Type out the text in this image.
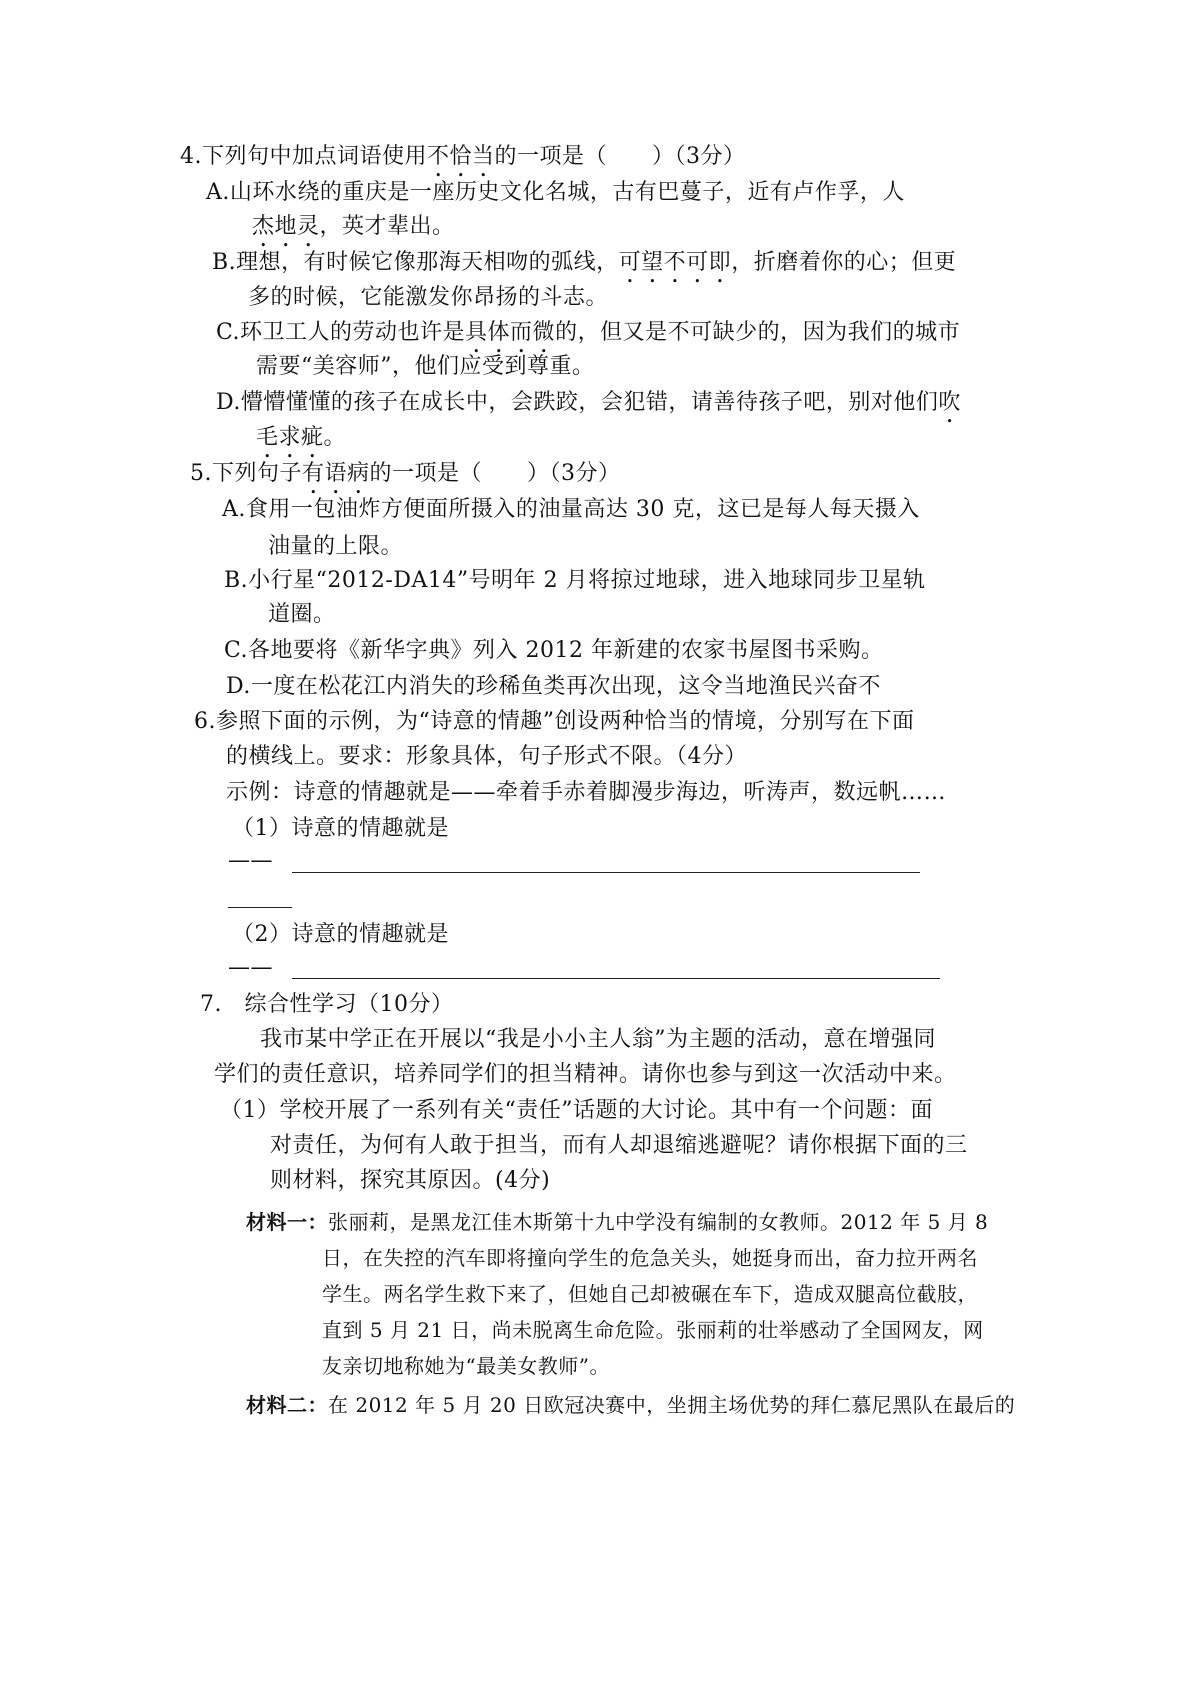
4.下列句中加点词语使用不恰当的一项是（　　）（3分）
A.山环水绕的重庆是一座历史文化名城，古有巴蔓子，近有卢作孚，人
杰地灵，英才辈出。
B.理想，有时候它像那海天相吻的弧线，可望不可即，折磨着你的心；但更
多的时候，它能激发你昂扬的斗志。
C.环卫工人的劳动也许是具体而微的，但又是不可缺少的，因为我们的城市
需要“美容师”，他们应受到尊重。
D.懵懵懂懂的孩子在成长中，会跌跤，会犯错，请善待孩子吧，别对他们吹
毛求疵。
5.下列句子有语病的一项是（　　）（3分）
A.食用一包油炸方便面所摄入的油量高达 30 克，这已是每人每天摄入
油量的上限。
B.小行星“2012-DA14”号明年 2 月将掠过地球，进入地球同步卫星轨
道圈。
C.各地要将《新华字典》列入 2012 年新建的农家书屋图书采购。
D.一度在松花江内消失的珍稀鱼类再次出现，这令当地渔民兴奋不
6.参照下面的示例，为“诗意的情趣”创设两种恰当的情境，分别写在下面
的横线上。要求：形象具体，句子形式不限。（4分）
示例：诗意的情趣就是——牵着手赤着脚漫步海边，听涛声，数远帆……
（1）诗意的情趣就是
——
（2）诗意的情趣就是
——
7.　综合性学习（10分）
我市某中学正在开展以“我是小小主人翁”为主题的活动，意在增强同
学们的责任意识，培养同学们的担当精神。请你也参与到这一次活动中来。
（1）学校开展了一系列有关“责任”话题的大讨论。其中有一个问题：面
对责任，为何有人敢于担当，而有人却退缩逃避呢？请你根据下面的三
则材料，探究其原因。(4分)
材料一：张丽莉，是黑龙江佳木斯第十九中学没有编制的女教师。2012 年 5 月 8
日，在失控的汽车即将撞向学生的危急关头，她挺身而出，奋力拉开两名
学生。两名学生救下来了，但她自己却被碾在车下，造成双腿高位截肢，
直到 5 月 21 日，尚未脱离生命危险。张丽莉的壮举感动了全国网友，网
友亲切地称她为“最美女教师”。
材料二：在 2012 年 5 月 20 日欧冠决赛中，坐拥主场优势的拜仁慕尼黑队在最后的
